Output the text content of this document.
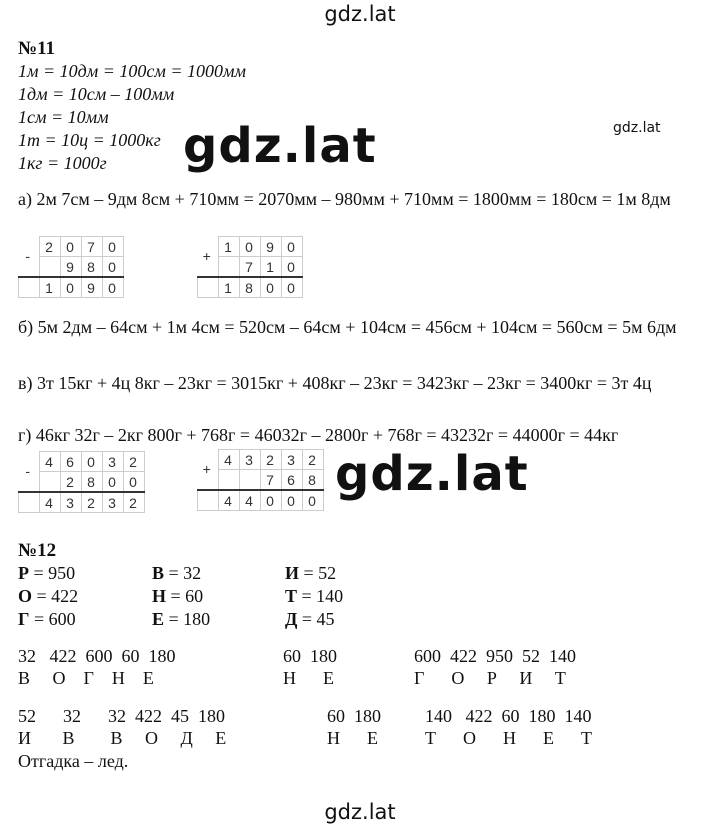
gdz.lat
gdz.lat
№11
1м = 10дм = 100см = 1000мм
1дм = 10см – 100мм
1см = 10мм
1т = 10ц = 1000кг
1кг = 1000г gdz.lat
а) 2м 7см – 9дм 8см + 710мм = 2070мм – 980мм + 710мм = 1800мм = 180см = 1м 8дм
-	2	0	7	0
		9	8	0
	1	0	9	0
+	1	0	9	0
		7	1	0
	1	8	0	0
б) 5м 2дм – 64см + 1м 4см = 520см – 64см + 104см = 456см + 104см = 560см = 5м 6дм
в) 3т 15кг + 4ц 8кг – 23кг = 3015кг + 408кг – 23кг = 3423кг – 23кг = 3400кг = 3т 4ц
г) 46кг 32г – 2кг 800г + 768г = 46032г – 2800г + 768г = 43232г = 44000г = 44кг
-	4	6	0	3	2
		2	8	0	0
	4	3	2	3	2
+	4	3	2	3	2
			7	6	8
	4	4	0	0	0 gdz.lat
№12
Р = 950	В = 32	И = 52
О = 422	Н = 60	Т = 140
Г = 600	Е = 180	Д = 45
32   422  600  60  180	60  180	600  422  950  52  140
В     О    Г    Н    Е	Н      Е	Г      О     Р     И     Т
52      32      32  422  45  180	60  180 140   422  60  180  140
И       В        В     О     Д     Е	Н      Е	Т      О      Н      Е      Т
Отгадка – лед.
gdz.lat
